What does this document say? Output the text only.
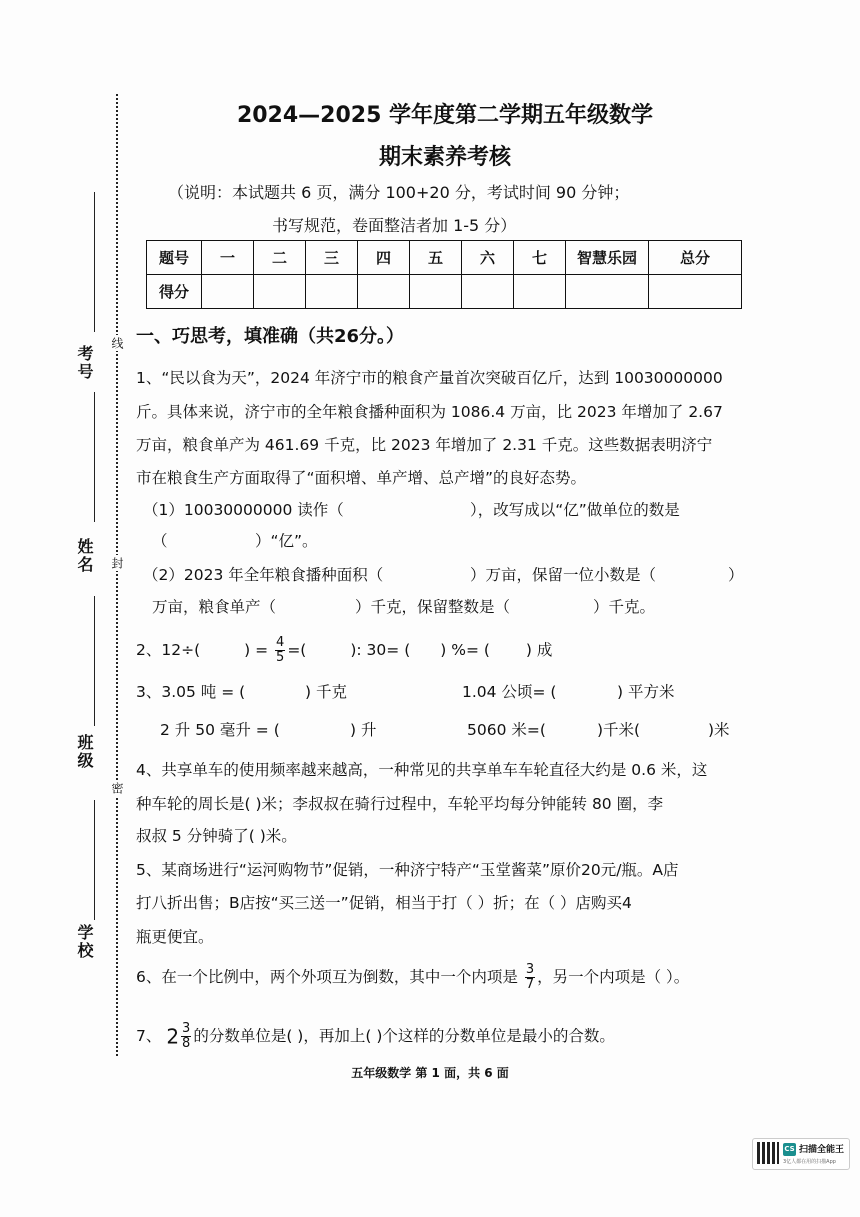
考号
姓名
班级
学校
线
封
密
2024—2025 学年度第二学期五年级数学
期末素养考核
（说明：本试题共 6 页，满分 100+20 分，考试时间 90 分钟；
书写规范，卷面整洁者加 1-5 分）
题号	一	二	三	四	五	六	七	智慧乐园	总分
得分									
一、巧思考，填准确（共26分。）
1、“民以食为天”，2024 年济宁市的粮食产量首次突破百亿斤，达到 10030000000
斤。具体来说，济宁市的全年粮食播种面积为 1086.4 万亩，比 2023 年增加了 2.67
万亩，粮食单产为 461.69 千克，比 2023 年增加了 2.31 千克。这些数据表明济宁
市在粮食生产方面取得了“面积增、单产增、总产增”的良好态势。
（1）10030000000 读作（	），改写成以“亿”做单位的数是
（	）“亿”。
（2）2023 年全年粮食播种面积（	）万亩，保留一位小数是（	）
万亩，粮食单产（	）千克，保留整数是（	）千克。
2、12÷(	) = $\frac{4}{5}$ =(	): 30= ( ) %= ( ) 成
3、3.05 吨 = (	) 千克	1.04 公顷= (	) 平方米
2 升 50 毫升 = (	) 升	5060 米=(	)千米(	)米
4、共享单车的使用频率越来越高，一种常见的共享单车车轮直径大约是 0.6 米，这
种车轮的周长是( )米；李叔叔在骑行过程中，车轮平均每分钟能转 80 圈，李
叔叔 5 分钟骑了( )米。
5、某商场进行“运河购物节”促销，一种济宁特产“玉堂酱菜”原价20元/瓶。A店
打八折出售；B店按“买三送一”促销，相当于打（ ）折；在（ ）店购买4
瓶更便宜。
6、在一个比例中，两个外项互为倒数，其中一个内项是 $\frac{3}{7}$ ，另一个内项是（ ）。
7、 $2 \frac{3}{8}$ 的分数单位是( )，再加上( )个这样的分数单位是最小的合数。
五年级数学 第 1 面，共 6 面
CS 扫描全能王
3亿人都在用的扫描App
